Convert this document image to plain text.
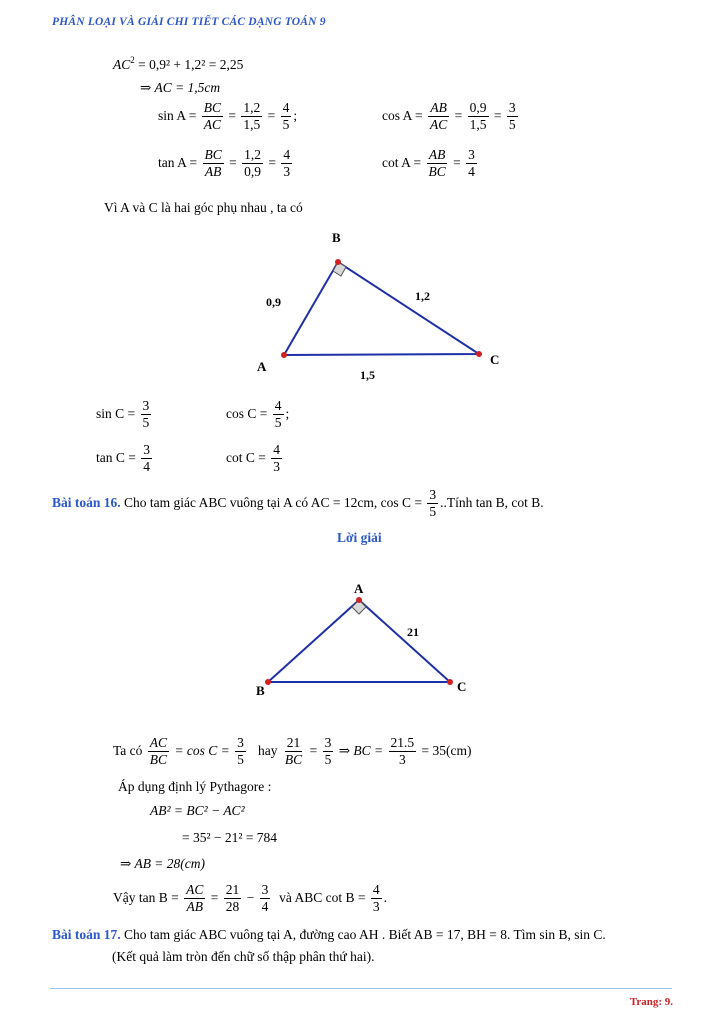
PHÂN LOẠI VÀ GIẢI CHI TIẾT CÁC DẠNG TOÁN 9
$AC^2 = 0,9^2 + 1,2^2 = 2,25$
⇒ AC = 1,5cm
$\sin A = \frac{BC}{AC} = \frac{1,2}{1,5} = \frac{4}{5}$ ;	$\cos A = \frac{AB}{AC} = \frac{0,9}{1,5} = \frac{3}{5}$
$\tan A = \frac{BC}{AB} = \frac{1,2}{0,9} = \frac{4}{3}$	$\cot A = \frac{AB}{BC} = \frac{3}{4}$
Vì A và C là hai góc phụ nhau , ta có
A
B
C
0,9	1,2
1,5
$\sin C = \frac{3}{5}$	$\cos C = \frac{4}{5}$ ;
$\tan C = \frac{3}{4}$	$\cot C = \frac{4}{3}$
Bài toán 16. Cho tam giác ABC vuông tại A có AC = 12cm, $\cos C = \frac{3}{5}$ ..Tính tan B, cot B.
Lời giải
A
B	C
21
Ta có $\frac{AC}{BC} = \cos C = \frac{3}{5}$ hay $\frac{21}{BC} = \frac{3}{5}$ ⇒ BC = $\frac{21.5}{3} = 35(cm)$
Áp dụng định lý Pythagore :
AB² = BC² − AC²
= 35² − 21² = 784
⇒ AB = 28(cm)
Vậy $\tan B = \frac{AC}{AB} = \frac{21}{28} - \frac{3}{4}$ và ABC $\cot B = \frac{4}{3}$ .
Bài toán 17. Cho tam giác ABC vuông tại A, đường cao AH . Biết AB = 17, BH = 8. Tìm sin B, sin C.
(Kết quả làm tròn đến chữ số thập phân thứ hai).
Trang: 9.
